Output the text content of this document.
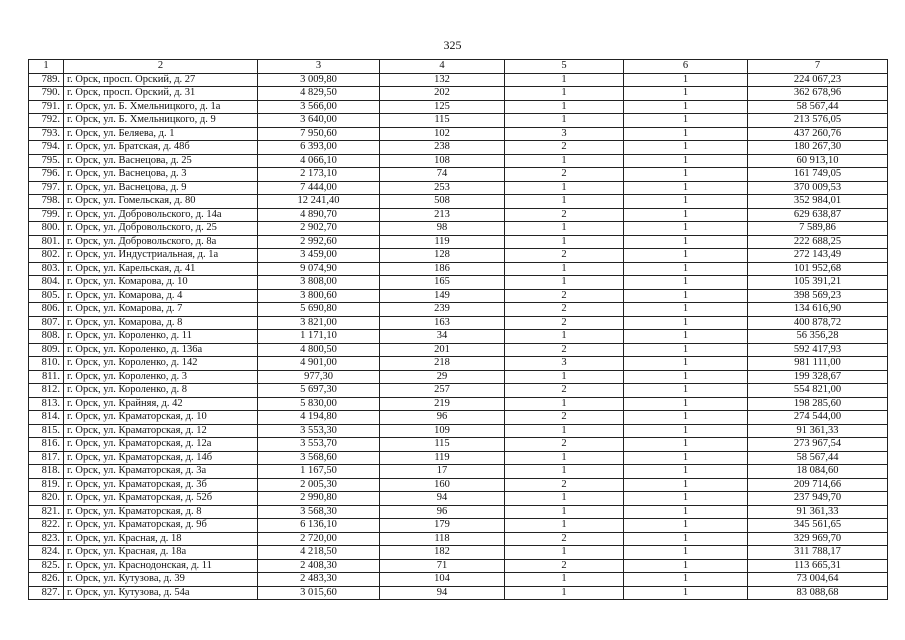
325
1	2	3	4	5	6	7
789.	г. Орск, просп. Орский, д. 27	3 009,80	132	1	1	224 067,23
790.	г. Орск, просп. Орский, д. 31	4 829,50	202	1	1	362 678,96
791.	г. Орск, ул. Б. Хмельницкого, д. 1а	3 566,00	125	1	1	58 567,44
792.	г. Орск, ул. Б. Хмельницкого, д. 9	3 640,00	115	1	1	213 576,05
793.	г. Орск, ул. Беляева, д. 1	7 950,60	102	3	1	437 260,76
794.	г. Орск, ул. Братская, д. 48б	6 393,00	238	2	1	180 267,30
795.	г. Орск, ул. Васнецова, д. 25	4 066,10	108	1	1	60 913,10
796.	г. Орск, ул. Васнецова, д. 3	2 173,10	74	2	1	161 749,05
797.	г. Орск, ул. Васнецова, д. 9	7 444,00	253	1	1	370 009,53
798.	г. Орск, ул. Гомельская, д. 80	12 241,40	508	1	1	352 984,01
799.	г. Орск, ул. Добровольского, д. 14а	4 890,70	213	2	1	629 638,87
800.	г. Орск, ул. Добровольского, д. 25	2 902,70	98	1	1	7 589,86
801.	г. Орск, ул. Добровольского, д. 8а	2 992,60	119	1	1	222 688,25
802.	г. Орск, ул. Индустриальная, д. 1а	3 459,00	128	2	1	272 143,49
803.	г. Орск, ул. Карельская, д. 41	9 074,90	186	1	1	101 952,68
804.	г. Орск, ул. Комарова, д. 10	3 808,00	165	1	1	105 391,21
805.	г. Орск, ул. Комарова, д. 4	3 800,60	149	2	1	398 569,23
806.	г. Орск, ул. Комарова, д. 7	5 690,80	239	2	1	134 616,90
807.	г. Орск, ул. Комарова, д. 8	3 821,00	163	2	1	400 878,72
808.	г. Орск, ул. Короленко, д. 11	1 171,10	34	1	1	56 356,28
809.	г. Орск, ул. Короленко, д. 136а	4 800,50	201	2	1	592 417,93
810.	г. Орск, ул. Короленко, д. 142	4 901,00	218	3	1	981 111,00
811.	г. Орск, ул. Короленко, д. 3	977,30	29	1	1	199 328,67
812.	г. Орск, ул. Короленко, д. 8	5 697,30	257	2	1	554 821,00
813.	г. Орск, ул. Крайняя, д. 42	5 830,00	219	1	1	198 285,60
814.	г. Орск, ул. Краматорская, д. 10	4 194,80	96	2	1	274 544,00
815.	г. Орск, ул. Краматорская, д. 12	3 553,30	109	1	1	91 361,33
816.	г. Орск, ул. Краматорская, д. 12а	3 553,70	115	2	1	273 967,54
817.	г. Орск, ул. Краматорская, д. 14б	3 568,60	119	1	1	58 567,44
818.	г. Орск, ул. Краматорская, д. 3а	1 167,50	17	1	1	18 084,60
819.	г. Орск, ул. Краматорская, д. 3б	2 005,30	160	2	1	209 714,66
820.	г. Орск, ул. Краматорская, д. 52б	2 990,80	94	1	1	237 949,70
821.	г. Орск, ул. Краматорская, д. 8	3 568,30	96	1	1	91 361,33
822.	г. Орск, ул. Краматорская, д. 9б	6 136,10	179	1	1	345 561,65
823.	г. Орск, ул. Красная, д. 18	2 720,00	118	2	1	329 969,70
824.	г. Орск, ул. Красная, д. 18а	4 218,50	182	1	1	311 788,17
825.	г. Орск, ул. Краснодонская, д. 11	2 408,30	71	2	1	113 665,31
826.	г. Орск, ул. Кутузова, д. 39	2 483,30	104	1	1	73 004,64
827.	г. Орск, ул. Кутузова, д. 54а	3 015,60	94	1	1	83 088,68
